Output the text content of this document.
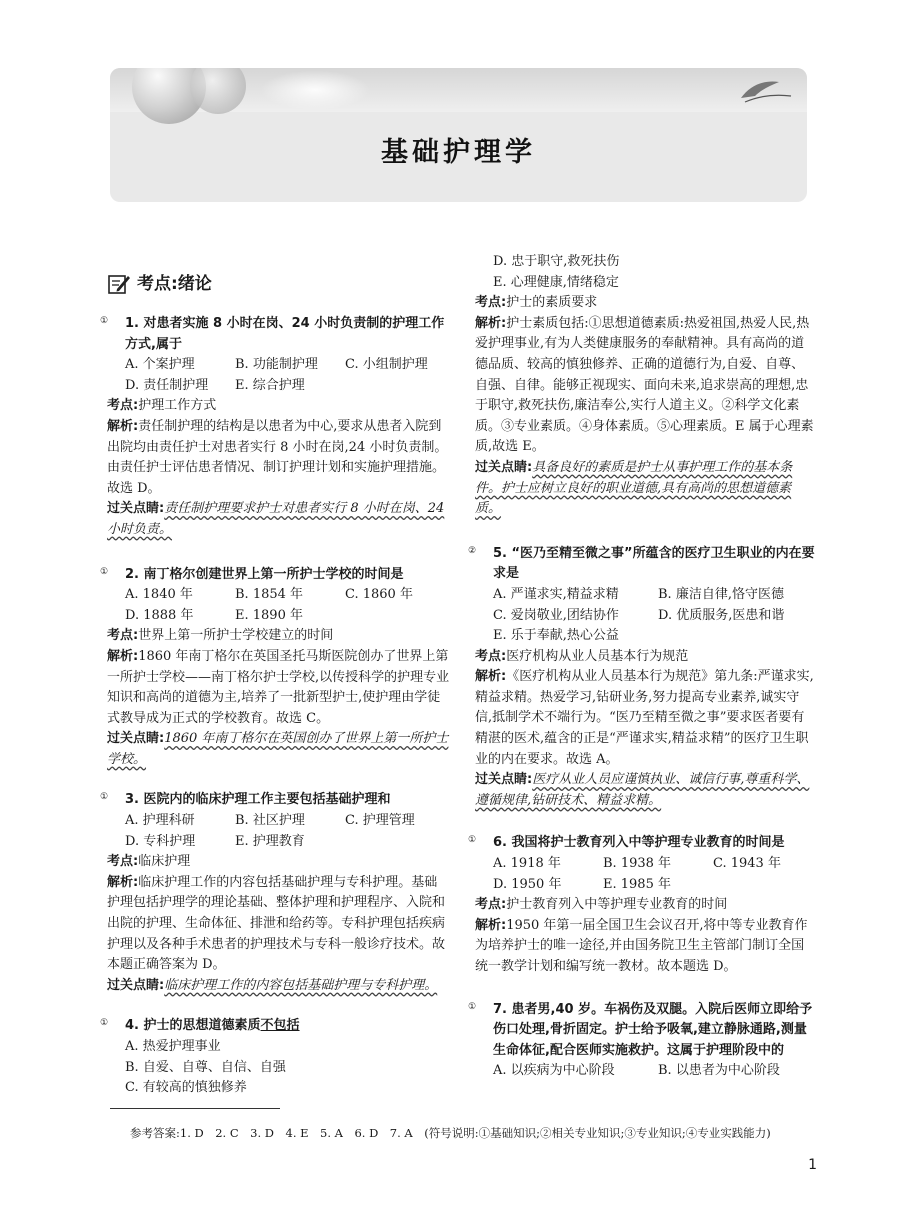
基础护理学
考点:绪论
①	1. 对患者实施 8 小时在岗、24 小时负责制的护理工作方式,属于
A. 个案护理	B. 功能制护理	C. 小组制护理
D. 责任制护理	E. 综合护理
考点:护理工作方式
解析:责任制护理的结构是以患者为中心,要求从患者入院到出院均由责任护士对患者实行 8 小时在岗,24 小时负责制。由责任护士评估患者情况、制订护理计划和实施护理措施。故选 D。
过关点睛:责任制护理要求护士对患者实行 8 小时在岗、24 小时负责。
①	2. 南丁格尔创建世界上第一所护士学校的时间是
A. 1840 年	B. 1854 年	C. 1860 年
D. 1888 年	E. 1890 年
考点:世界上第一所护士学校建立的时间
解析:1860 年南丁格尔在英国圣托马斯医院创办了世界上第一所护士学校——南丁格尔护士学校,以传授科学的护理专业知识和高尚的道德为主,培养了一批新型护士,使护理由学徒式教导成为正式的学校教育。故选 C。
过关点睛:1860 年南丁格尔在英国创办了世界上第一所护士学校。
①	3. 医院内的临床护理工作主要包括基础护理和
A. 护理科研	B. 社区护理	C. 护理管理
D. 专科护理	E. 护理教育
考点:临床护理
解析:临床护理工作的内容包括基础护理与专科护理。基础护理包括护理学的理论基础、整体护理和护理程序、入院和出院的护理、生命体征、排泄和给药等。专科护理包括疾病护理以及各种手术患者的护理技术与专科一般诊疗技术。故本题正确答案为 D。
过关点睛:临床护理工作的内容包括基础护理与专科护理。
①	4. 护士的思想道德素质不包括
A. 热爱护理事业
B. 自爱、自尊、自信、自强
C. 有较高的慎独修养
D. 忠于职守,救死扶伤
E. 心理健康,情绪稳定
考点:护士的素质要求
解析:护士素质包括:①思想道德素质:热爱祖国,热爱人民,热爱护理事业,有为人类健康服务的奉献精神。具有高尚的道德品质、较高的慎独修养、正确的道德行为,自爱、自尊、自强、自律。能够正视现实、面向未来,追求崇高的理想,忠于职守,救死扶伤,廉洁奉公,实行人道主义。②科学文化素质。③专业素质。④身体素质。⑤心理素质。E 属于心理素质,故选 E。
过关点睛:具备良好的素质是护士从事护理工作的基本条件。护士应树立良好的职业道德,具有高尚的思想道德素质。
②	5. “医乃至精至微之事”所蕴含的医疗卫生职业的内在要求是
A. 严谨求实,精益求精	B. 廉洁自律,恪守医德
C. 爱岗敬业,团结协作	D. 优质服务,医患和谐
E. 乐于奉献,热心公益
考点:医疗机构从业人员基本行为规范
解析:《医疗机构从业人员基本行为规范》第九条:严谨求实,精益求精。热爱学习,钻研业务,努力提高专业素养,诚实守信,抵制学术不端行为。“医乃至精至微之事”要求医者要有精湛的医术,蕴含的正是“严谨求实,精益求精”的医疗卫生职业的内在要求。故选 A。
过关点睛:医疗从业人员应谨慎执业、诚信行事,尊重科学、遵循规律,钻研技术、精益求精。
①	6. 我国将护士教育列入中等护理专业教育的时间是
A. 1918 年	B. 1938 年	C. 1943 年
D. 1950 年	E. 1985 年
考点:护士教育列入中等护理专业教育的时间
解析:1950 年第一届全国卫生会议召开,将中等专业教育作为培养护士的唯一途径,并由国务院卫生主管部门制订全国统一教学计划和编写统一教材。故本题选 D。
①	7. 患者男,40 岁。车祸伤及双腿。入院后医师立即给予伤口处理,骨折固定。护士给予吸氧,建立静脉通路,测量生命体征,配合医师实施救护。这属于护理阶段中的
A. 以疾病为中心阶段	B. 以患者为中心阶段
参考答案:1. D　2. C　3. D　4. E　5. A　6. D　7. A　(符号说明:①基础知识;②相关专业知识;③专业知识;④专业实践能力)
1
